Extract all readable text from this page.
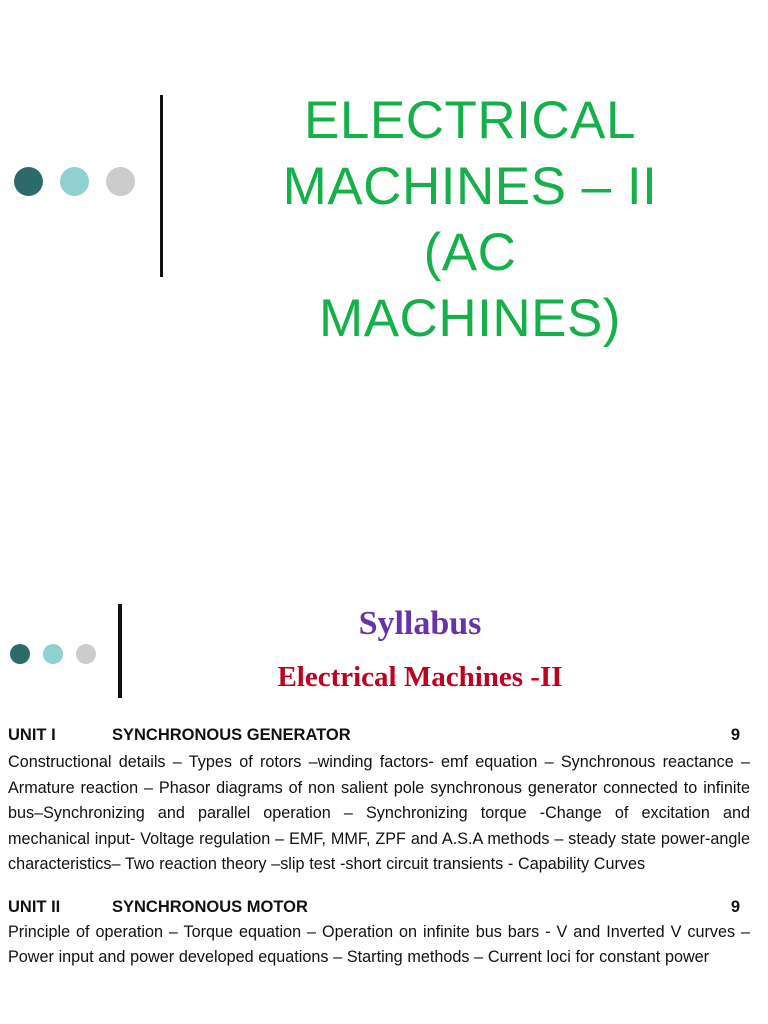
ELECTRICAL
MACHINES – II
(AC
MACHINES)
Syllabus
Electrical Machines -II
UNIT I	SYNCHRONOUS GENERATOR	9
Constructional details – Types of rotors –winding factors- emf equation – Synchronous reactance – Armature reaction – Phasor diagrams of non salient pole synchronous generator connected to infinite bus–Synchronizing and parallel operation – Synchronizing torque -Change of excitation and mechanical input- Voltage regulation – EMF, MMF, ZPF and A.S.A methods – steady state power-angle characteristics– Two reaction theory –slip test -short circuit transients - Capability Curves
UNIT II	SYNCHRONOUS MOTOR	9
Principle of operation – Torque equation – Operation on infinite bus bars - V and Inverted V curves – Power input and power developed equations – Starting methods – Current loci for constant power
